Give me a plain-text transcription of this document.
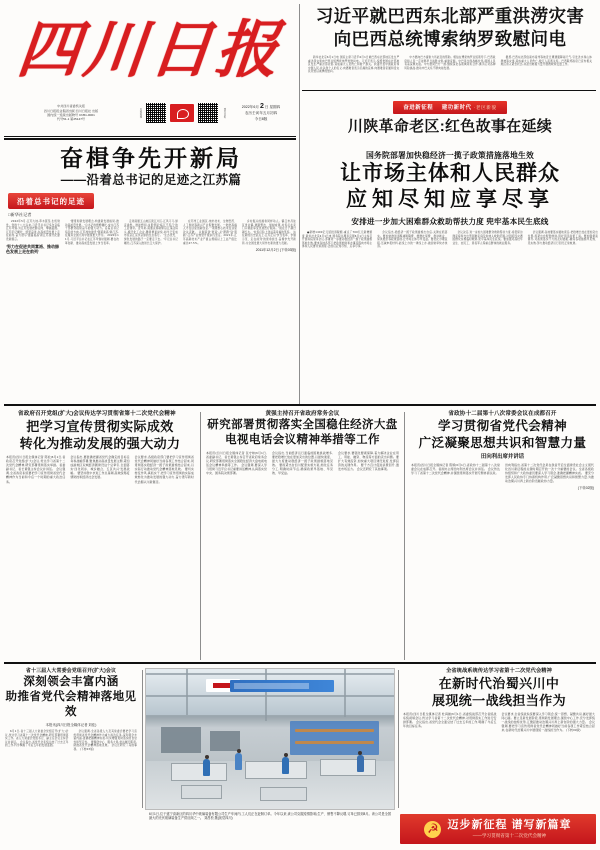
四川日报
中共四川省委机关报
四川日报报业集团出版 四川日报社 出版
国内统一连续出版物号 CN51-0001
代号51-1 第25147号
川观新闻	四川日报
2022年6月 2 日 星期四
农历壬寅年五月初四
今日8版
习近平就巴西东北部严重洪涝灾害
向巴西总统博索纳罗致慰问电
新华社北京6月1日电 国家主席习近平6月1日就巴西东北部地区发生严重洪涝灾害向巴西总统博索纳罗致慰问电。习近平表示,惊悉贵国东北部地区发生严重洪涝灾害,造成重大人员伤亡和财产损失。我谨代表中国政府和中国人民,并以我个人的名义,向遇难者表示沉痛的哀悼,向遇难者家属和受灾民众致以诚挚的慰问。
中方愿向巴方提供力所能及的帮助。相信在博索纳罗总统领导下,巴西政府和人民一定能够早日战胜灾害,重建家园。中巴是全面战略伙伴,两国人民有着深厚友谊。中方愿同巴方一道,继续深化各领域务实合作,携手应对各种风险挑战,推动中巴关系不断向前发展。
据悉,巴西东北部伯南布哥州等地近日遭遇强降雨天气,引发洪水和山体滑坡等灾害,造成重大人员伤亡,数万人流离失所。巴西联邦政府已宣布相关地区进入紧急状态,并派出救援力量开展搜救和安置工作。
奋进新征程 建功新时代 ·老区新貌
川陕革命老区:红色故事在延续
国务院部署加快稳经济一揽子政策措施落地生效
让市场主体和人民群众
应知尽知应享尽享
安排进一步加大困难群众救助帮扶力度 兜牢基本民生底线
●新增1400亿元留抵退税额,重点了700亿元新增额度 新华社北京6月1日电 国务院总理李克强6月1日主持召开国务院常务会议,部署进一步推动稳经济一揽子政策措施落地生效,要求各地各部门把政策细则和办事流程向市场主体和人民群众讲清楚,让他们应知尽知、应享尽享。
会议指出,稳经济一揽子政策措施出台后,关键在抓落实。要加快推进退税减税降费、缓缴社保费、稳岗就业、保供稳价等政策落地,让市场主体尽早受益。要优化办理流程,压减申报材料,能线上办的一律线上办,做到快审快办快退。
会议决定,进一步加大困难群众救助帮扶力度,将低保边缘家庭和支出型困难家庭及时纳入救助范围,对因疫因灾遇困群众实施临时救助,兜牢基本民生底线。要加强对高校毕业生、农民工、退役军人等重点群体的就业服务。
会议强调,各地要落实属地责任,把稳增长放在更加突出位置,抓紧出台配套细则,用好用足政策工具。要加强督查督办,对政策落实不力的及时通报,确保各项措施早见效、见实效,努力推动经济运行回归正常轨道。
奋楫争先开新局
——沿着总书记的足迹之江苏篇
沿着总书记的足迹
□新华社记者
2022年5月,江苏大地,草木葱茏,生机勃发。党的十八大以来,习近平总书记多次亲临江苏考察,为江苏发展把脉定向、擘画蓝图。江苏牢记嘱托、感恩奋进,在高质量发展上走在前列,奋力谱写'强富美高'新江苏现代化建设新篇章。
'努力在促进共同富裕、推动绿色发展上走在前列'
'要贯彻新发展理念,构建新发展格局,推动高质量发展。'总书记的殷殷嘱托,成为江苏干部群众接续奋斗的强大动力。沿着总书记指引的方向,江苏加快建设'强富美高'新江苏,在服务全国大局中展现更大作为。 2020年11月,习近平总书记在江苏考察时强调,要在改革创新、推动高质量发展上争当表率。
走进南通五山地区滨江片区,江风习习,绿意盎然。谁能想到,这里曾是'临江不见江'的工业锈带。近年来,南通关停取缔沿江违法码头,搬迁化工企业,腾退修复岸线,如今已变成市民亲江亲水亲绿的生态客厅。 '生态优先、绿色发展的路子一定要走下去。'牢记总书记嘱托,江苏深入推进长江大保护。
在苏州工业园区,纳米技术、生物医药、人工智能等新兴产业集聚发展。一批批高端人才在这里创新创业,一项项核心技术在这里攻关突破。 从制造到'智造',从'跟跑'到'领跑',江苏产业转型升级步伐坚定。2021年,江苏高新技术产业产值占规模以上工业产值比重达47.5%。
乡村振兴的画卷同样动人。镇江市丹徒区世业镇,道路整洁、绿树成荫,村民们在家门口就能享受优质医疗服务。'现在日子越过越红火。'村民们脸上洋溢着幸福的笑容。 站在新的历史起点上,江苏正以'争当表率、争做示范、走在前列'的使命担当,奋楫争先开新局,为全国发展大局作出新的更大贡献。
2011年12月2日 (下转03版)
省政府召开党组(扩大)会议传达学习贯彻省第十二次党代会精神
把学习宣传贯彻实际成效
转化为推动发展的强大动力
本报讯(四川日报全媒体记者 陈松)6月1日,省政府召开党组(扩大)会议,传达学习省第十二次党代会精神,研究部署贯彻落实举措。省委副书记、省长黄强主持会议并讲话。 会议强调,全省政府系统要把学习宣传贯彻省党代会精神作为当前和今后一个时期的重大政治任务。
会议指出,要准确把握省党代会确定的目标任务和战略部署,聚焦推动高质量发展主题,紧扣成渝地区双城经济圈建设这个总牵引,全面落实'四化同步、城乡融合、五区共兴'发展战略。 要坚持稳中求进工作总基调,高效统筹疫情防控和经济社会发展。
会议要求,各级政府部门要把学习宣传贯彻省党代会精神同做好当前各项工作结合起来,同贯彻落实稳经济一揽子政策措施结合起来,以实际行动推动党代会精神落地见效。 要切实转变作风,真抓实干,把学习宣传贯彻的实际成效转化为推动发展的强大动力,奋力谱写新时代治蜀兴川新篇章。
黄强主持召开省政府常务会议
研究部署贯彻落实全国稳住经济大盘
电视电话会议精神举措等工作
本报讯(四川日报全媒体记者 张守帅)6月1日,省委副书记、省长黄强主持召开省政府常务会议,研究部署贯彻落实全国稳住经济大盘电视电话会议精神举措等工作。 会议强调,要深入学习贯彻习近平总书记重要讲话精神,认真落实党中央、国务院决策部署。
会议指出,当前经济运行面临的困难挑战增多,要把稳增长放在更加突出的位置,以最快速度、最大力度推动稳经济一揽子政策措施落地见效。 要抓紧出台四川配套实施方案,细化任务分工,明确时间节点,确保政策早落地、早见效、早受益。
会议要求,要强化要素保障,着力解决企业在用工、用能、融资、物流等方面的突出问题。要扩大有效投资,加快重大项目建设进度,发挥投资的关键作用。 要千方百计促进消费回升,激发市场活力。 会议还研究了其他事项。
省政协十二届第十八次常委会议在成都召开
学习贯彻省党代会精神
广泛凝聚思想共识和智慧力量
田向利出席并讲话
本报讯(四川日报全媒体记者 陈婷)6月1日,省政协十二届第十八次常委会议在成都召开。省政协主席田向利出席会议并讲话。 会议传达学习了省第十二次党代会精神,并围绕贯彻落实开展专题协商议政。
田向利指出,省第十二次党代会是在我省开启全面建设社会主义现代化四川新征程的关键时期召开的一次十分重要的会议。全省各级政协组织和广大政协委员要深入学习领会,准确把握精神实质。 要充分发挥人民政协专门协商机构作用,广泛凝聚思想共识和智慧力量,为推动治蜀兴川再上新台阶贡献政协力量。
(下转02版)
省十三届人大常委会党组召开(扩大)会议
深刻领会丰富内涵
助推省党代会精神落地见效
本报讯(四川日报全媒体记者 刘佳)
6月1日,省十三届人大常委会党组召开(扩大)会议,传达学习省第十二次党代会精神,研究部署贯彻落实工作。省人大常委会党组书记、副主任会议主持会议并讲话。 会议指出,省党代会系统总结了过去五年的工作,科学擘画了今后五年的发展蓝图。
会议强调,全省各级人大及其常委会要把学习宣传贯彻省党代会精神作为重大政治任务,深刻领会丰富内涵,准确把握精神实质,切实增强贯彻落实的自觉性和坚定性。 要围绕中心、服务大局,依法履行职责,助推省党代会精神落地见效。 会议还研究了其他事项。 (下转03版)
6月1日,位于遂宁高新区的四川华中玻璃装备有限公司生产车间内,工人们正在赶制订单。今年以来,该公司克服疫情影响,生产、销售不降反增,订单已排到8月。该公司是全国最大的光伏玻璃装备生产供应商之一。 刘昌松 摄(视觉四川)
全省统战系统传达学习省第十二次党代会精神
在新时代治蜀兴川中
展现统一战线担当作为
本报讯(四川日报全媒体记者 杜真徽)6月1日,省委统战部召开全省统战系统视频会议,传达学习省第十二次党代会精神,对贯彻落实工作进行安排部署。 会议指出,省党代会全面总结了过去五年的工作,明确了今后五年的目标任务。
会议要求,全省统战系统要深入学习领会,统一思想、凝聚共识,画好最大同心圆。要立足新发展阶段,贯彻新发展理念,围绕中心工作,充分发挥统一战线的独特优势,汇聚起推动治蜀兴川再上新台阶的强大力量。 会议强调,要把学习宣传贯彻省党代会精神同做好当前各项工作紧密结合起来,在新时代治蜀兴川中展现统一战线担当作为。 (下转03版)
☭
迈步新征程 谱写新篇章
——学习贯彻省第十二次党代会精神
